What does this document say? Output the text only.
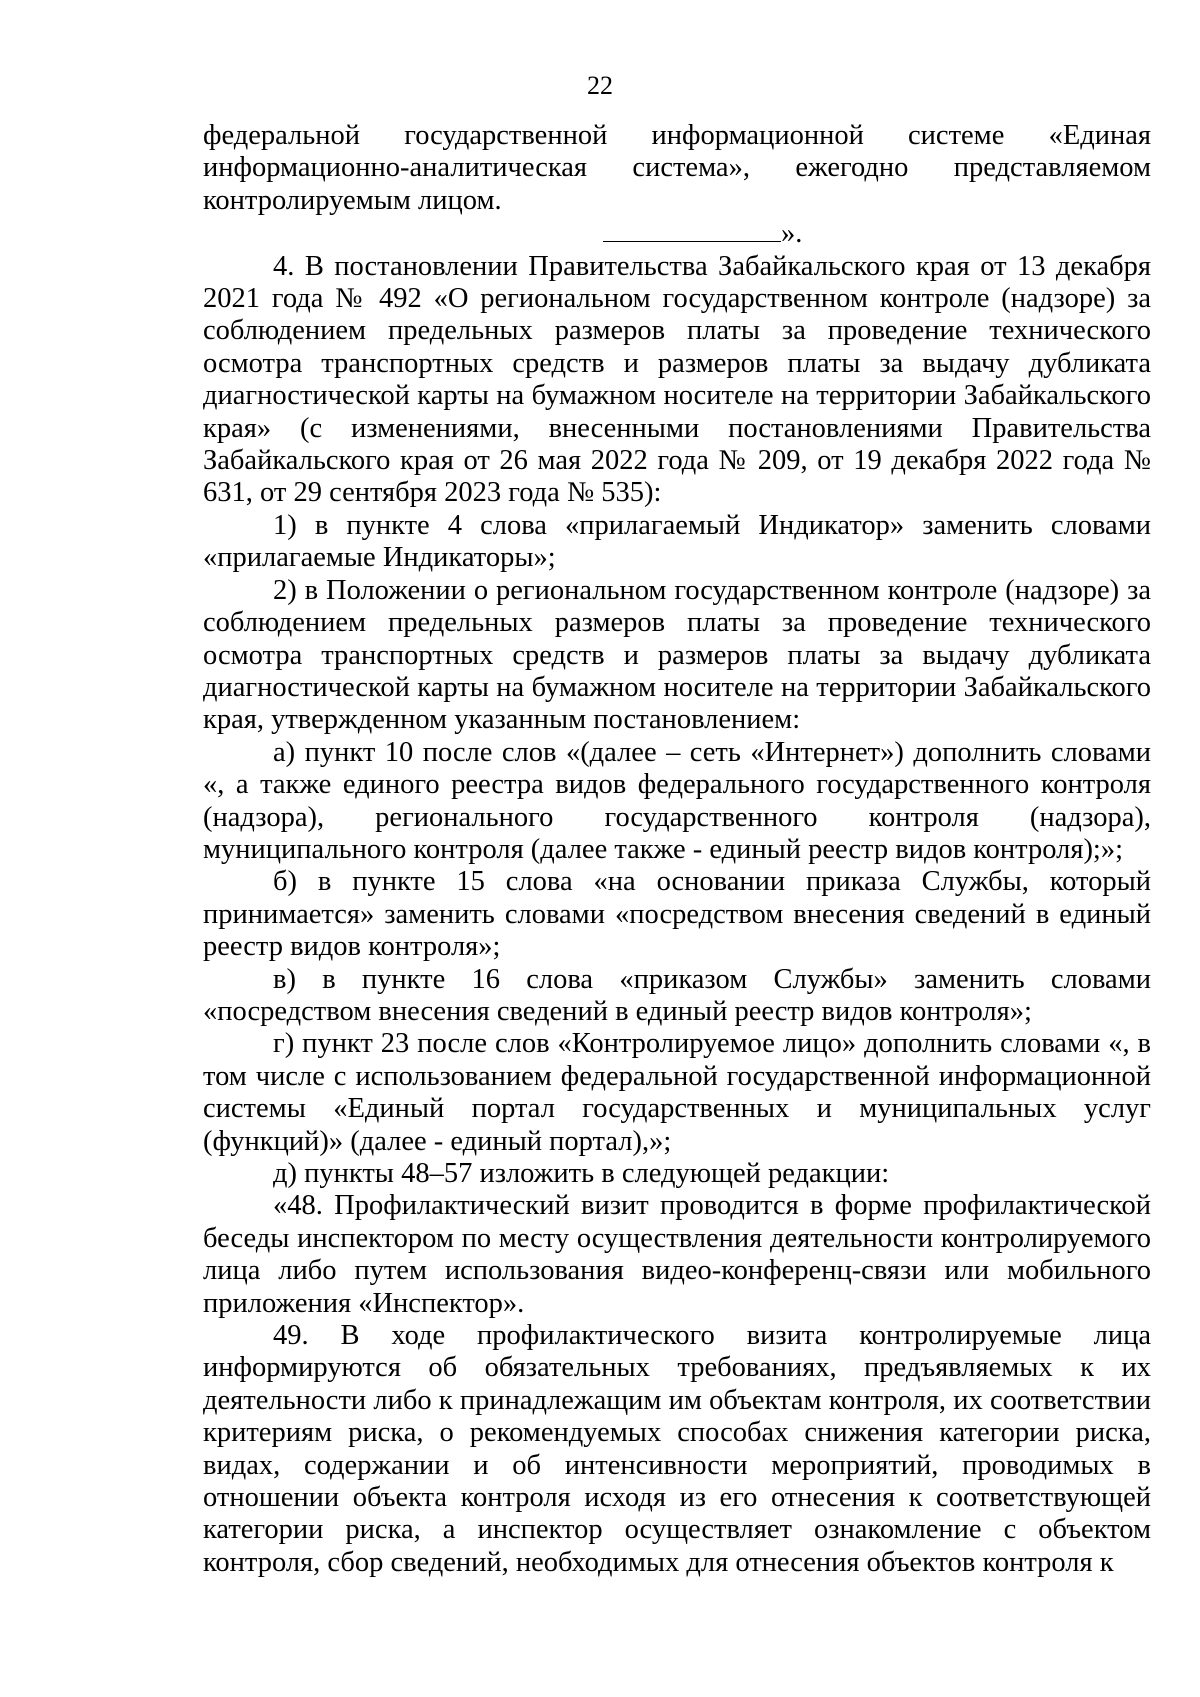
22

федеральной государственной информационной системе «Единая информационно-аналитическая система», ежегодно представляемом контролируемым лицом.

».

4. В постановлении Правительства Забайкальского края от 13 декабря 2021 года № 492 «О региональном государственном контроле (надзоре) за соблюдением предельных размеров платы за проведение технического осмотра транспортных средств и размеров платы за выдачу дубликата диагностической карты на бумажном носителе на территории Забайкальского края» (с изменениями, внесенными постановлениями Правительства Забайкальского края от 26 мая 2022 года № 209, от 19 декабря 2022 года № 631, от 29 сентября 2023 года № 535):

1) в пункте 4 слова «прилагаемый Индикатор» заменить словами «прилагаемые Индикаторы»;

2) в Положении о региональном государственном контроле (надзоре) за соблюдением предельных размеров платы за проведение технического осмотра транспортных средств и размеров платы за выдачу дубликата диагностической карты на бумажном носителе на территории Забайкальского края, утвержденном указанным постановлением:

а) пункт 10 после слов «(далее – сеть «Интернет») дополнить словами «, а также единого реестра видов федерального государственного контроля (надзора), регионального государственного контроля (надзора), муниципального контроля (далее также - единый реестр видов контроля);»;

б) в пункте 15 слова «на основании приказа Службы, который принимается» заменить словами «посредством внесения сведений в единый реестр видов контроля»;

в) в пункте 16 слова «приказом Службы» заменить словами «посредством внесения сведений в единый реестр видов контроля»;

г) пункт 23 после слов «Контролируемое лицо» дополнить словами «, в том числе с использованием федеральной государственной информационной системы «Единый портал государственных и муниципальных услуг (функций)» (далее - единый портал),»;

д) пункты 48–57 изложить в следующей редакции:

«48. Профилактический визит проводится в форме профилактической беседы инспектором по месту осуществления деятельности контролируемого лица либо путем использования видео-конференц-связи или мобильного приложения «Инспектор».

49. В ходе профилактического визита контролируемые лица информируются об обязательных требованиях, предъявляемых к их деятельности либо к принадлежащим им объектам контроля, их соответствии критериям риска, о рекомендуемых способах снижения категории риска, видах, содержании и об интенсивности мероприятий, проводимых в отношении объекта контроля исходя из его отнесения к соответствующей категории риска, а инспектор осуществляет ознакомление с объектом контроля, сбор сведений, необходимых для отнесения объектов контроля к
